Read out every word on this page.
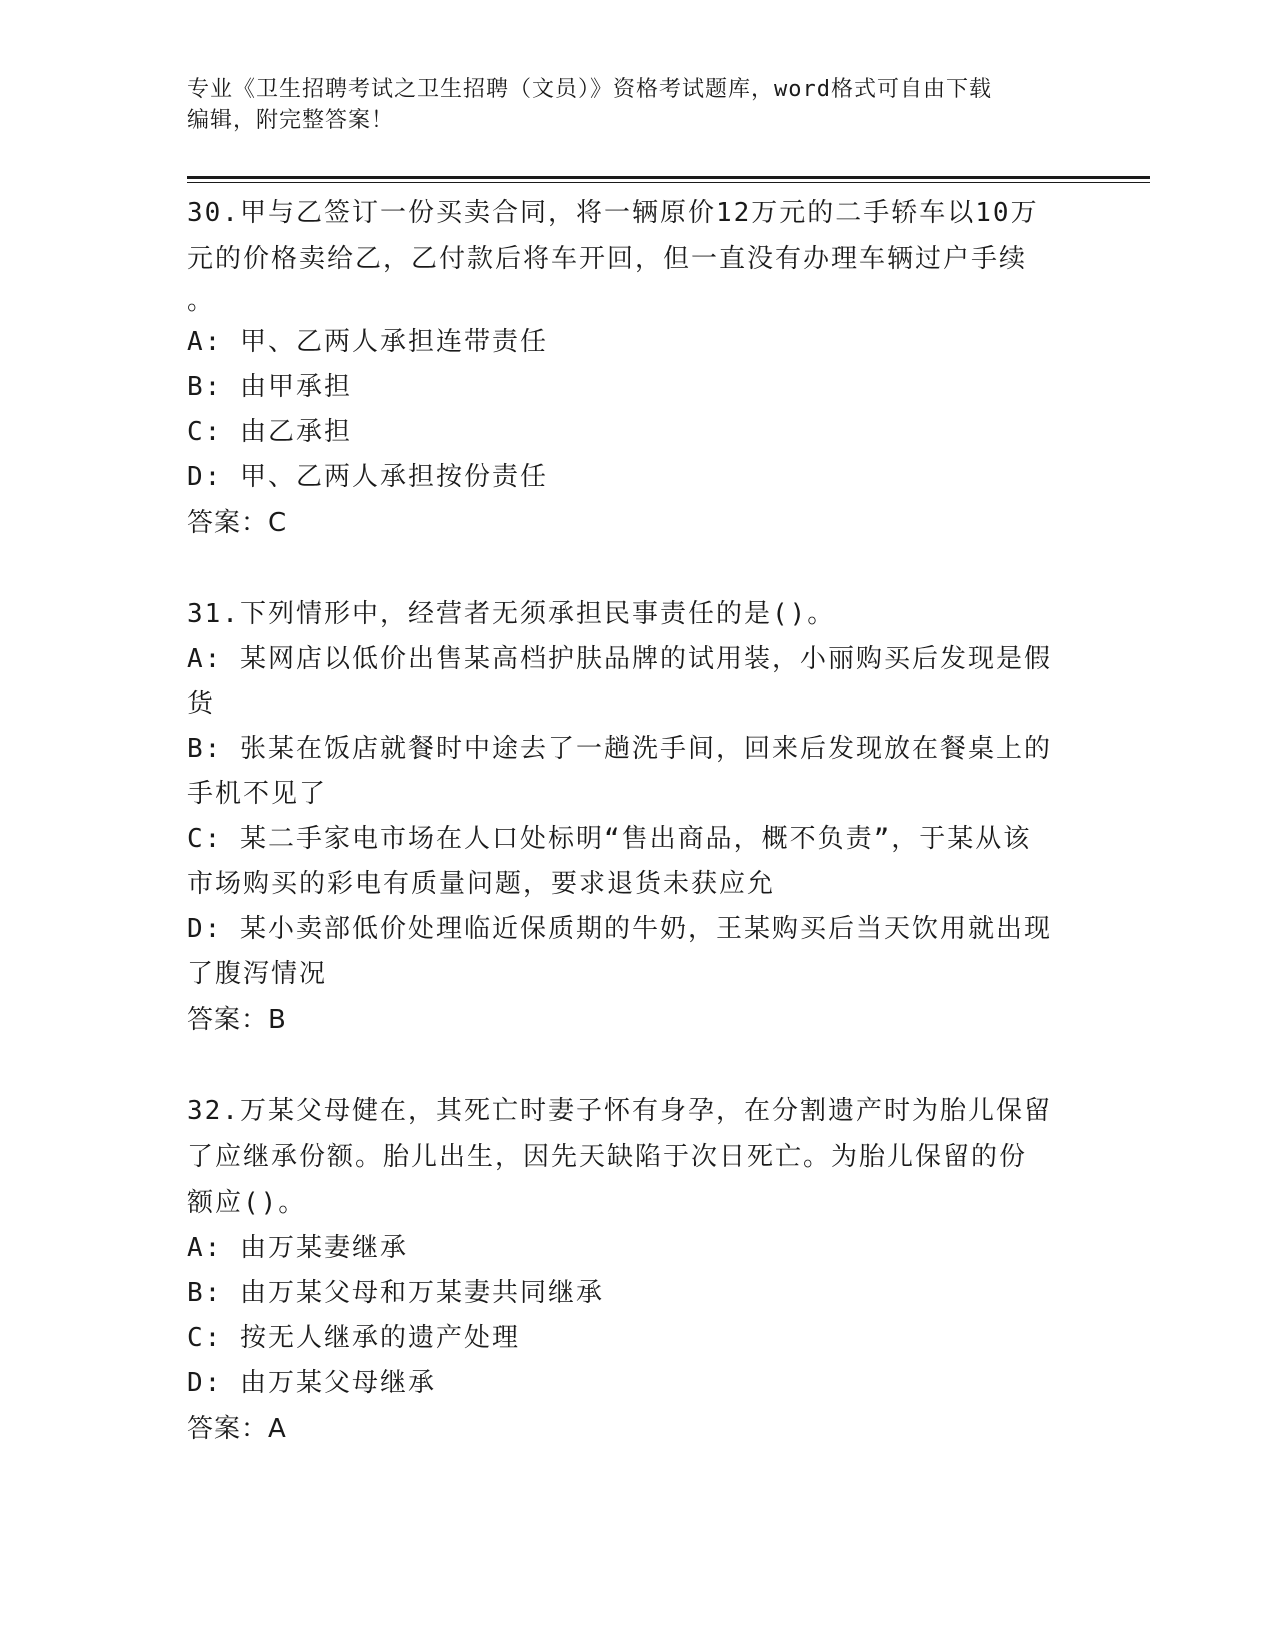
专业《卫生招聘考试之卫生招聘（文员）》资格考试题库，word格式可自由下载
编辑，附完整答案！
30.甲与乙签订一份买卖合同，将一辆原价12万元的二手轿车以10万
元的价格卖给乙，乙付款后将车开回，但一直没有办理车辆过户手续
。
A: 甲、乙两人承担连带责任
B: 由甲承担
C: 由乙承担
D: 甲、乙两人承担按份责任
答案：C
31.下列情形中，经营者无须承担民事责任的是()。
A: 某网店以低价出售某高档护肤品牌的试用装，小丽购买后发现是假
货
B: 张某在饭店就餐时中途去了一趟洗手间，回来后发现放在餐桌上的
手机不见了
C: 某二手家电市场在人口处标明“售出商品，概不负责”，于某从该
市场购买的彩电有质量问题，要求退货未获应允
D: 某小卖部低价处理临近保质期的牛奶，王某购买后当天饮用就出现
了腹泻情况
答案：B
32.万某父母健在，其死亡时妻子怀有身孕，在分割遗产时为胎儿保留
了应继承份额。胎儿出生，因先天缺陷于次日死亡。为胎儿保留的份
额应()。
A: 由万某妻继承
B: 由万某父母和万某妻共同继承
C: 按无人继承的遗产处理
D: 由万某父母继承
答案：A
